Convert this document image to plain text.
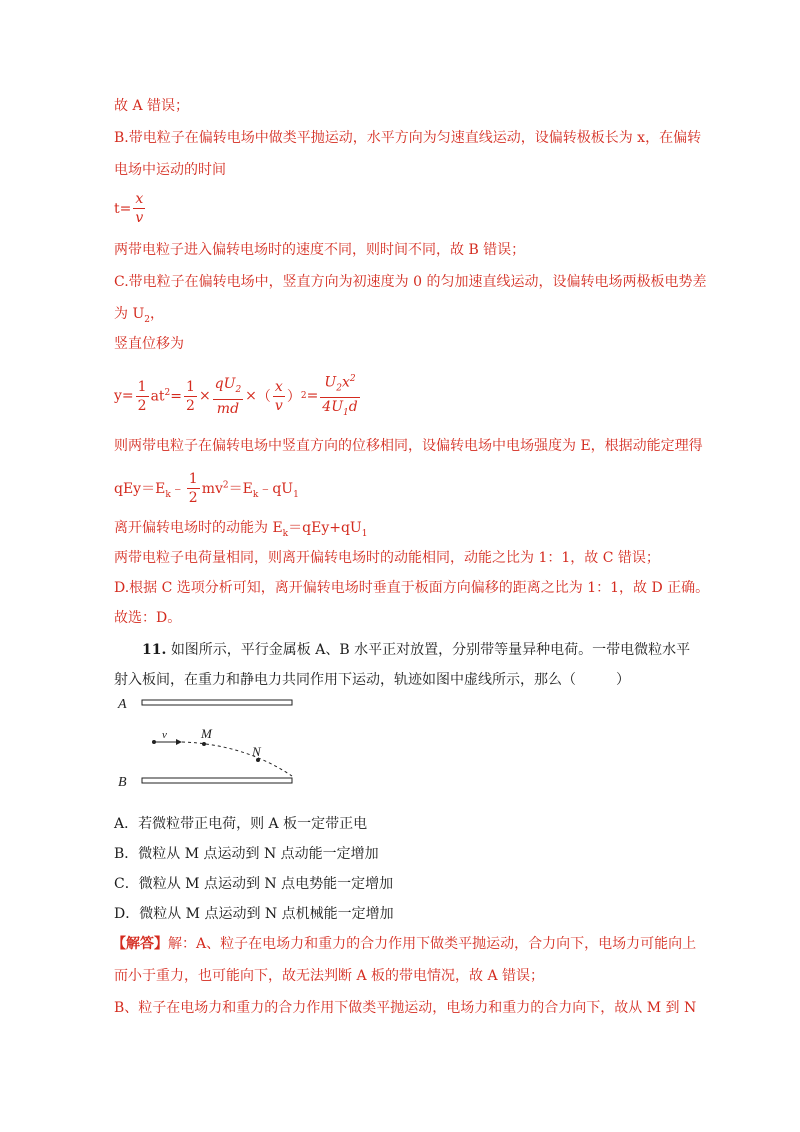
故 A 错误；
B.带电粒子在偏转电场中做类平抛运动，水平方向为匀速直线运动，设偏转极板长为 x，在偏转
电场中运动的时间
$t= \frac{x}{v}$
两带电粒子进入偏转电场时的速度不同，则时间不同，故 B 错误；
C.带电粒子在偏转电场中，竖直方向为初速度为 0 的匀加速直线运动，设偏转电场两极板电势差
为 $U_2$，
竖直位移为
$y= \frac{1}{2} at^2= \frac{1}{2} \times \frac{qU_2}{md}$ × （ $\frac{x}{v}$ ） $2 = \frac{U_2x^2}{4U_1d}$
则两带电粒子在偏转电场中竖直方向的位移相同，设偏转电场中电场强度为 E，根据动能定理得
$qEy=E_k﹣ \frac{1}{2}$ $mv^2=E_k﹣qU_1$
离开偏转电场时的动能为 $E_k=qEy+qU_1$
两带电粒子电荷量相同，则离开偏转电场时的动能相同，动能之比为 1：1，故 C 错误；
D.根据 C 选项分析可知，离开偏转电场时垂直于板面方向偏移的距离之比为 1：1，故 D 正确。
故选：D。
11. 如图所示，平行金属板 A、B 水平正对放置，分别带等量异种电荷。一带电微粒水平
射入板间，在重力和静电力共同作用下运动，轨迹如图中虚线所示，那么（	）
A
v	M
N
B
A．若微粒带正电荷，则 A 板一定带正电
B．微粒从 M 点运动到 N 点动能一定增加
C．微粒从 M 点运动到 N 点电势能一定增加
D．微粒从 M 点运动到 N 点机械能一定增加
【解答】解：A、粒子在电场力和重力的合力作用下做类平抛运动，合力向下，电场力可能向上
而小于重力，也可能向下，故无法判断 A 板的带电情况，故 A 错误；
B、粒子在电场力和重力的合力作用下做类平抛运动，电场力和重力的合力向下，故从 M 到 N
